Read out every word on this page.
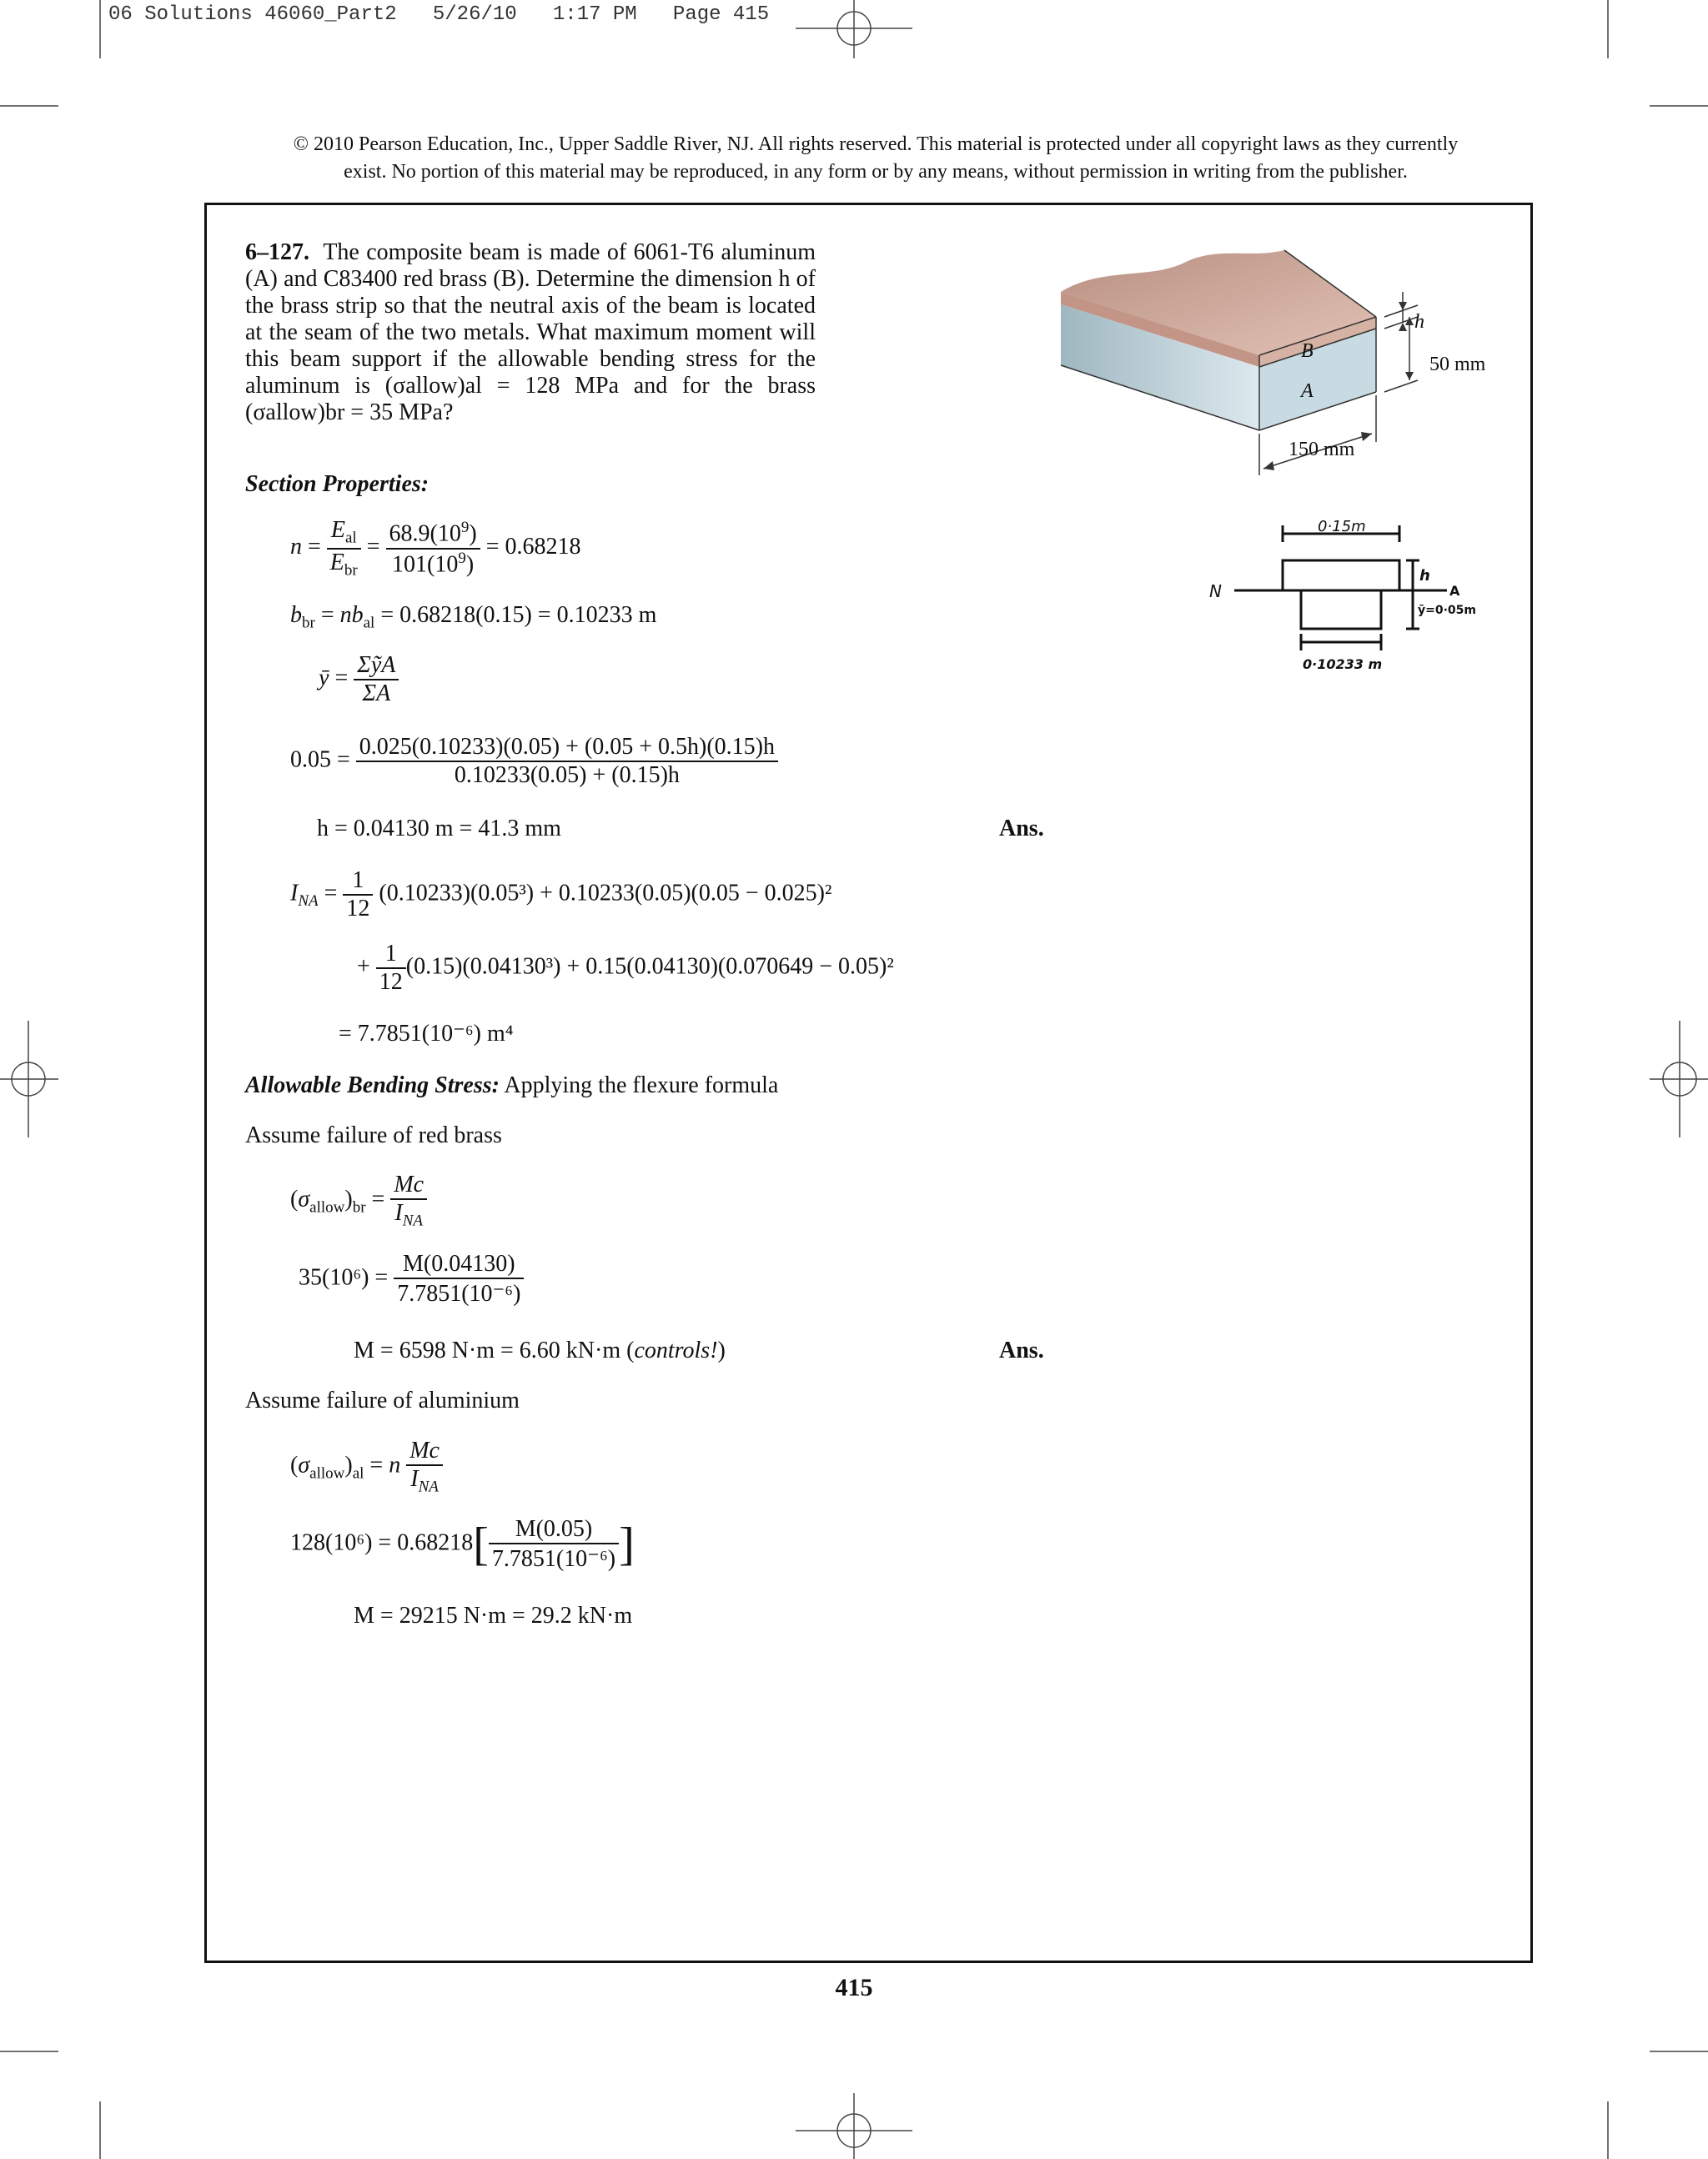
06 Solutions 46060_Part2   5/26/10   1:17 PM   Page 415
© 2010 Pearson Education, Inc., Upper Saddle River, NJ. All rights reserved. This material is protected under all copyright laws as they currently
exist. No portion of this material may be reproduced, in any form or by any means, without permission in writing from the publisher.
6–127. The composite beam is made of 6061-T6 aluminum (A) and C83400 red brass (B). Determine the dimension h of the brass strip so that the neutral axis of the beam is located at the seam of the two metals. What maximum moment will this beam support if the allowable bending stress for the aluminum is (σallow)al = 128 MPa and for the brass (σallow)br = 35 MPa?
h
B
A
50 mm
150 mm
0·15m
h
A
ȳ=0·05m
N
0·10233 m
Section Properties:
$n = \frac{E_{al}}{E_{br}} = \frac{68.9(10^9)}{101(10^9)} = 0.68218$
$b_{br} = nb_{al} = 0.68218(0.15) = 0.10233$ m
ȳ = $\frac{\text{ΣỹA}}{\Sigma A}$
$0.05 = \frac{0.025(0.10233)(0.05) + (0.05 + 0.5h)(0.15)h}{0.10233(0.05) + (0.15)h}$
h = 0.04130 m = 41.3 mm	Ans.
$I_{NA} = \frac{1}{12} (0.10233)(0.05^3) + 0.10233(0.05)(0.05 - 0.025)^2$
+ $\frac{1}{12} (0.15)(0.04130^3) + 0.15(0.04130)(0.070649 - 0.05)^2$
= 7.7851(10⁻⁶) m⁴
Allowable Bending Stress: Applying the flexure formula
Assume failure of red brass
$(\sigma_{allow})_{br} = \frac{Mc}{I_{NA}}$
$35(10^6) = \frac{M(0.04130)}{\text{7.7851(10⁻⁶)}}$
M = 6598 N·m = 6.60 kN·m (controls!)	Ans.
Assume failure of aluminium
$(\sigma_{allow})_{al} = n \frac{Mc}{I_{NA}}$
$128(10^6) = 0.68218[ \frac{M(0.05)}{\text{7.7851(10⁻⁶)}}$ ]
M = 29215 N·m = 29.2 kN·m
415
